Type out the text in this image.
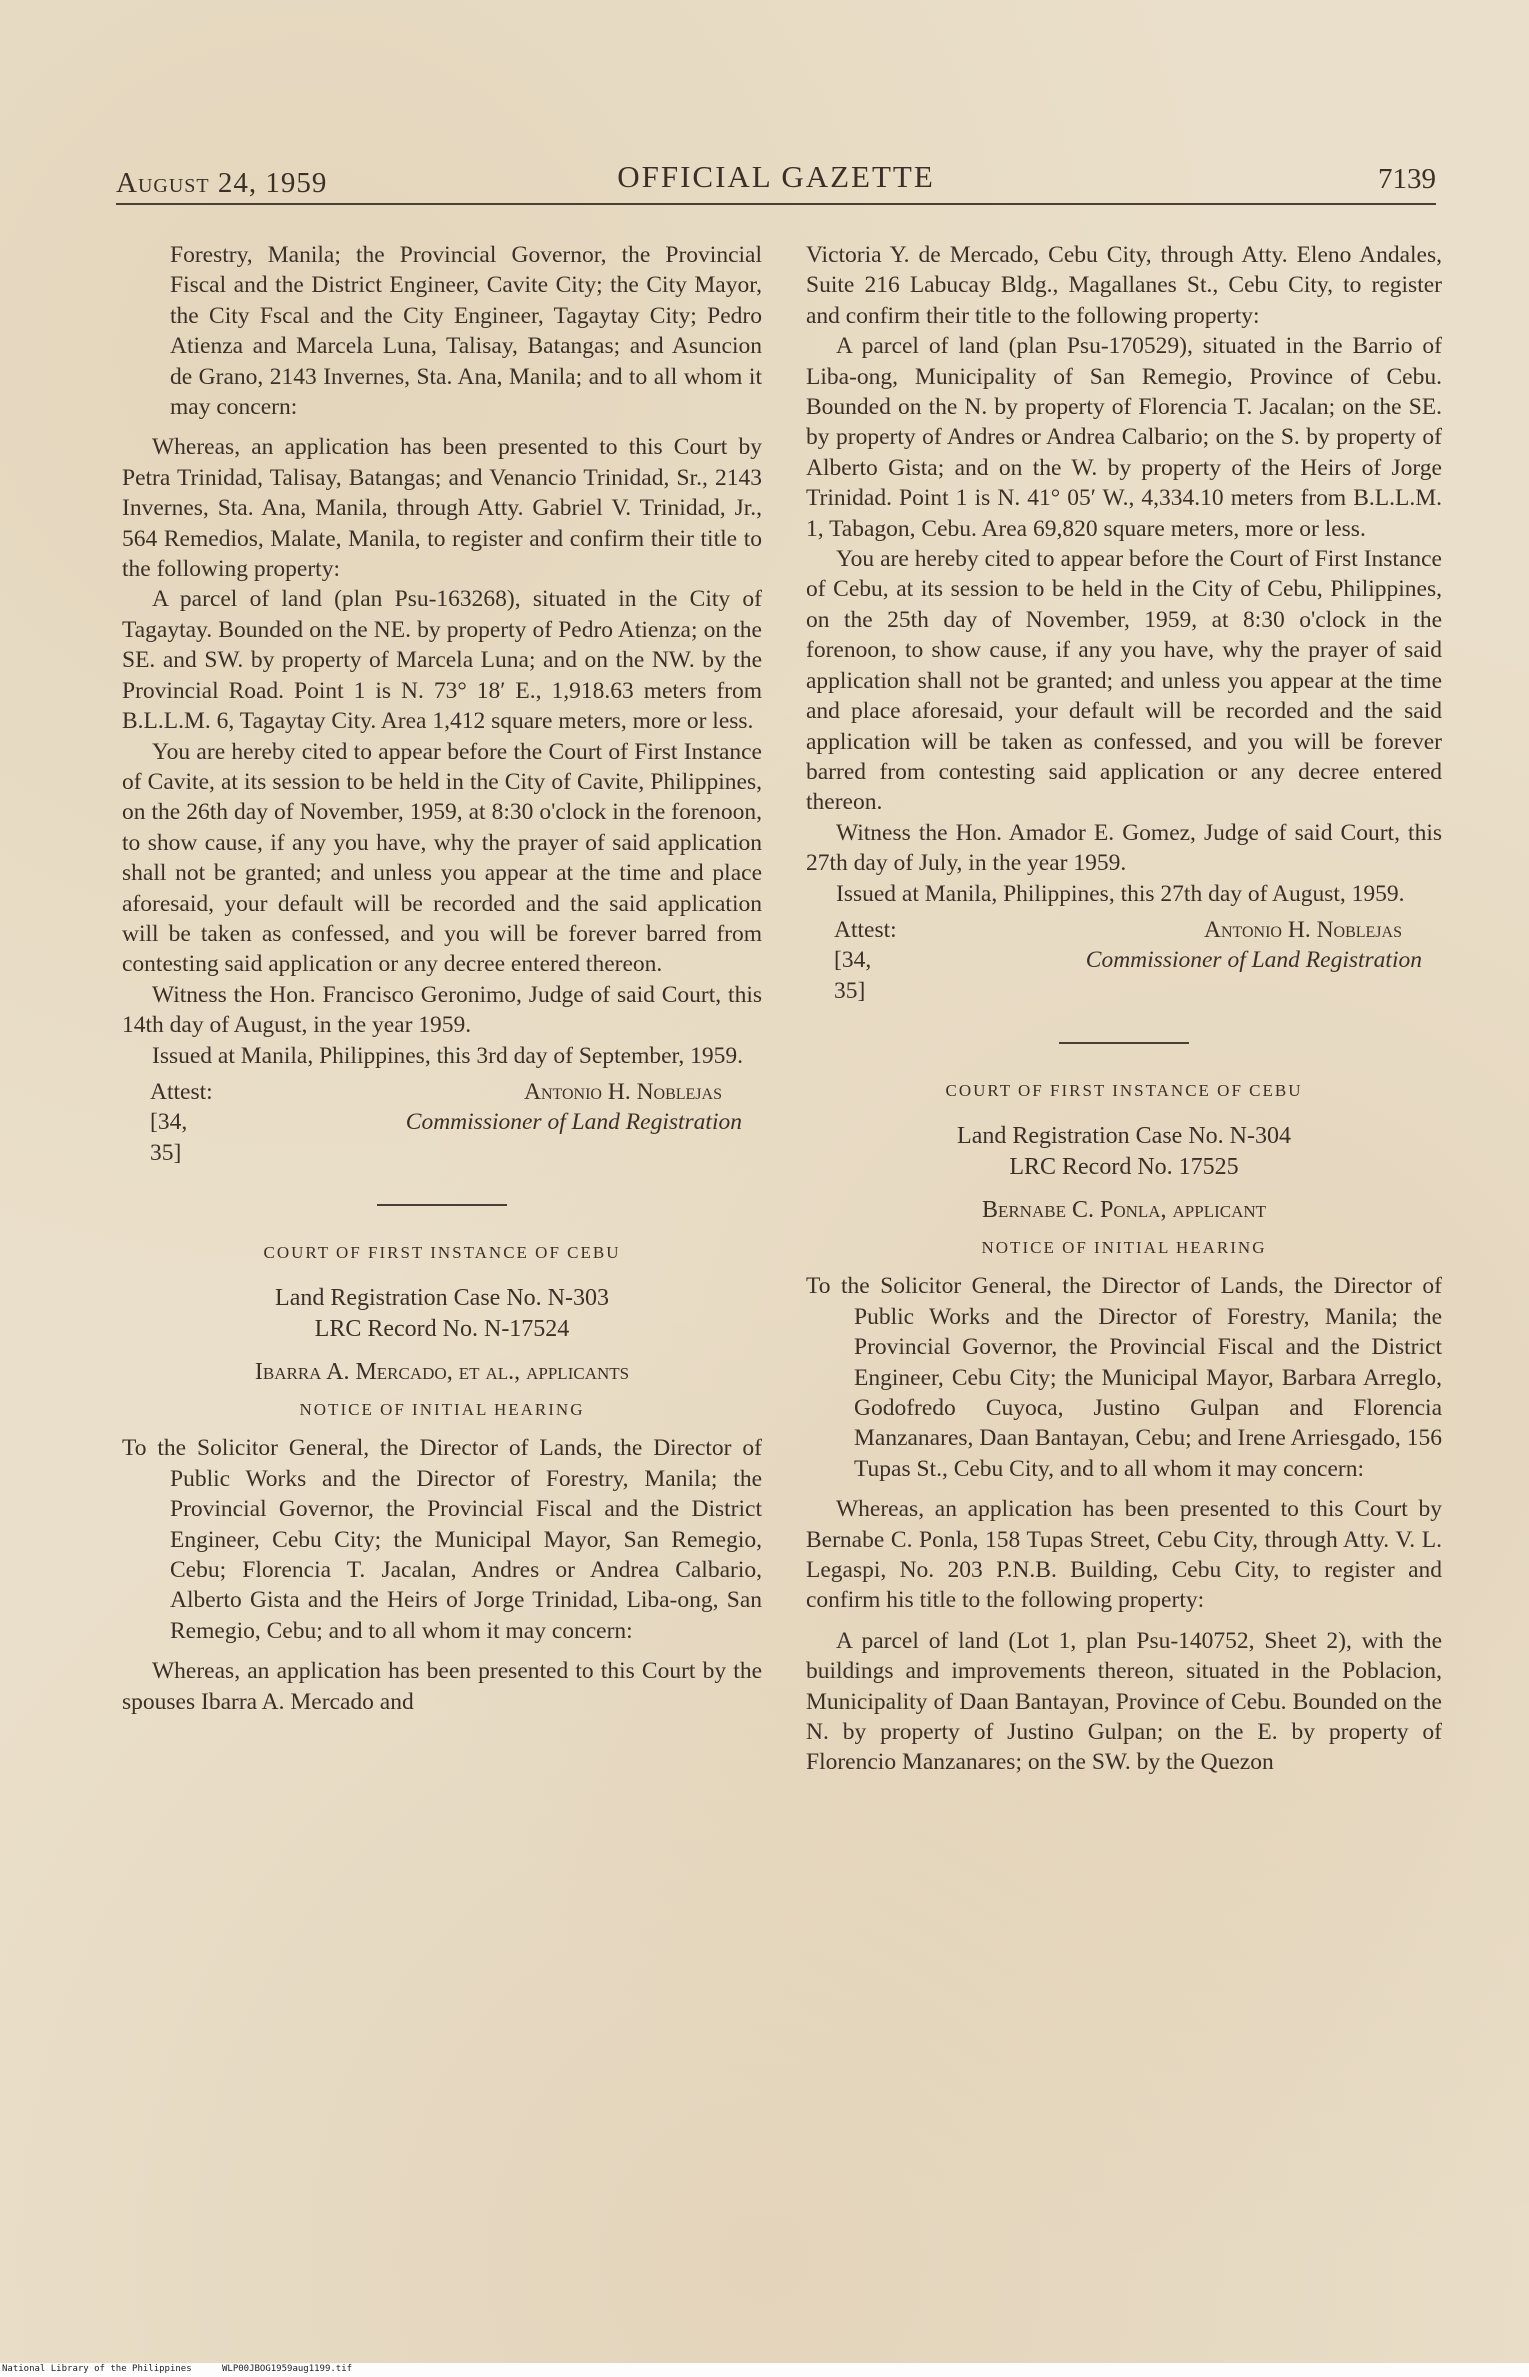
August 24, 1959	OFFICIAL GAZETTE	7139

Forestry, Manila; the Provincial Governor, the Provincial Fiscal and the District Engineer, Cavite City; the City Mayor, the City Fscal and the City Engineer, Tagaytay City; Pedro Atienza and Marcela Luna, Talisay, Batangas; and Asuncion de Grano, 2143 Invernes, Sta. Ana, Manila; and to all whom it may concern:

Whereas, an application has been presented to this Court by Petra Trinidad, Talisay, Batangas; and Venancio Trinidad, Sr., 2143 Invernes, Sta. Ana, Manila, through Atty. Gabriel V. Trinidad, Jr., 564 Remedios, Malate, Manila, to register and confirm their title to the following property:

A parcel of land (plan Psu-163268), situated in the City of Tagaytay. Bounded on the NE. by property of Pedro Atienza; on the SE. and SW. by property of Marcela Luna; and on the NW. by the Provincial Road. Point 1 is N. 73° 18′ E., 1,918.63 meters from B.L.L.M. 6, Tagaytay City. Area 1,412 square meters, more or less.

You are hereby cited to appear before the Court of First Instance of Cavite, at its session to be held in the City of Cavite, Philippines, on the 26th day of November, 1959, at 8:30 o'clock in the forenoon, to show cause, if any you have, why the prayer of said application shall not be granted; and unless you appear at the time and place aforesaid, your default will be recorded and the said application will be taken as confessed, and you will be forever barred from contesting said application or any decree entered thereon.

Witness the Hon. Francisco Geronimo, Judge of said Court, this 14th day of August, in the year 1959.

Issued at Manila, Philippines, this 3rd day of September, 1959.

Attest:	Antonio H. Noblejas
[34, 35]
Commissioner of Land Registration
COURT OF FIRST INSTANCE OF CEBU
Land Registration Case No. N-303
LRC Record No. N-17524
Ibarra A. Mercado, et al., applicants
NOTICE OF INITIAL HEARING

To the Solicitor General, the Director of Lands, the Director of Public Works and the Director of Forestry, Manila; the Provincial Governor, the Provincial Fiscal and the District Engineer, Cebu City; the Municipal Mayor, San Remegio, Cebu; Florencia T. Jacalan, Andres or Andrea Calbario, Alberto Gista and the Heirs of Jorge Trinidad, Liba-ong, San Remegio, Cebu; and to all whom it may concern:

Whereas, an application has been presented to this Court by the spouses Ibarra A. Mercado and

Victoria Y. de Mercado, Cebu City, through Atty. Eleno Andales, Suite 216 Labucay Bldg., Magallanes St., Cebu City, to register and confirm their title to the following property:

A parcel of land (plan Psu-170529), situated in the Barrio of Liba-ong, Municipality of San Remegio, Province of Cebu. Bounded on the N. by property of Florencia T. Jacalan; on the SE. by property of Andres or Andrea Calbario; on the S. by property of Alberto Gista; and on the W. by property of the Heirs of Jorge Trinidad. Point 1 is N. 41° 05′ W., 4,334.10 meters from B.L.L.M. 1, Tabagon, Cebu. Area 69,820 square meters, more or less.

You are hereby cited to appear before the Court of First Instance of Cebu, at its session to be held in the City of Cebu, Philippines, on the 25th day of November, 1959, at 8:30 o'clock in the forenoon, to show cause, if any you have, why the prayer of said application shall not be granted; and unless you appear at the time and place aforesaid, your default will be recorded and the said application will be taken as confessed, and you will be forever barred from contesting said application or any decree entered thereon.

Witness the Hon. Amador E. Gomez, Judge of said Court, this 27th day of July, in the year 1959.

Issued at Manila, Philippines, this 27th day of August, 1959.

Attest:	Antonio H. Noblejas
[34, 35]
Commissioner of Land Registration
COURT OF FIRST INSTANCE OF CEBU
Land Registration Case No. N-304
LRC Record No. 17525
Bernabe C. Ponla, applicant
NOTICE OF INITIAL HEARING

To the Solicitor General, the Director of Lands, the Director of Public Works and the Director of Forestry, Manila; the Provincial Governor, the Provincial Fiscal and the District Engineer, Cebu City; the Municipal Mayor, Barbara Arreglo, Godofredo Cuyoca, Justino Gulpan and Florencia Manzanares, Daan Bantayan, Cebu; and Irene Arriesgado, 156 Tupas St., Cebu City, and to all whom it may concern:

Whereas, an application has been presented to this Court by Bernabe C. Ponla, 158 Tupas Street, Cebu City, through Atty. V. L. Legaspi, No. 203 P.N.B. Building, Cebu City, to register and confirm his title to the following property:

A parcel of land (Lot 1, plan Psu-140752, Sheet 2), with the buildings and improvements thereon, situated in the Poblacion, Municipality of Daan Bantayan, Province of Cebu. Bounded on the N. by property of Justino Gulpan; on the E. by property of Florencio Manzanares; on the SW. by the Quezon

National Library of the Philippines	WLP00JBOG1959aug1199.tif
